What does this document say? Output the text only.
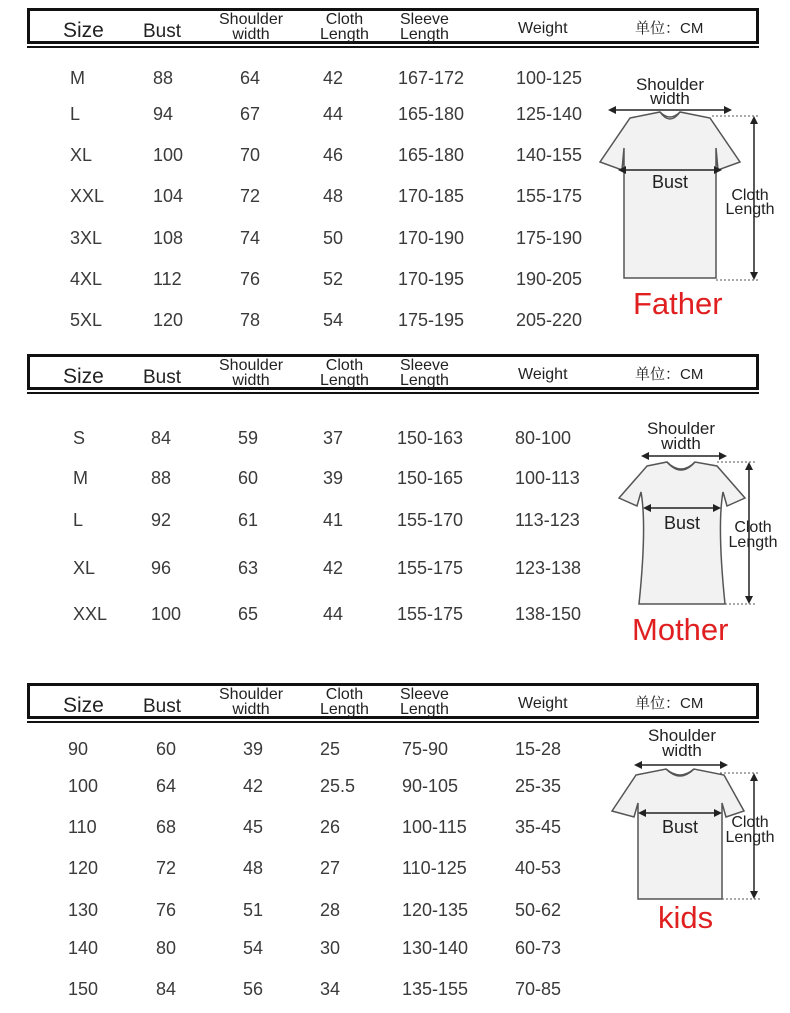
Size Bust
Shoulder
width
Cloth
Length
Sleeve
Length	Weight	单位：CM
M	88	64	42	167-172	100-125
L	94	67	44	165-180	125-140
XL	100	70	46	165-180	140-155
XXL	104	72	48	170-185	155-175
3XL	108	74	50	170-190	175-190
4XL	112	76	52	170-195	190-205
5XL	120	78	54	175-195	205-220
Shoulder
width
Bust
Cloth
Length
Father
Size Bust
Shoulder
width
Cloth
Length
Sleeve
Length	Weight	单位：CM
S	84	59	37	150-163	80-100
M	88	60	39	150-165	100-113
L	92	61	41	155-170	113-123
XL	96	63	42	155-175	123-138
XXL 100	65	44	155-175	138-150
Shoulder
width
Bust Cloth
Length
Mother
Size Bust
Shoulder
width
Cloth
Length
Sleeve
Length	Weight	单位：CM
90	60	39	25	75-90	15-28
100	64	42	25.5	90-105	25-35
110	68	45	26	100-115	35-45
120	72	48	27	110-125	40-53
130	76	51	28	120-135	50-62
140	80	54	30	130-140	60-73
150	84	56	34	135-155	70-85
Shoulder
width
Bust Cloth
Length
kids
